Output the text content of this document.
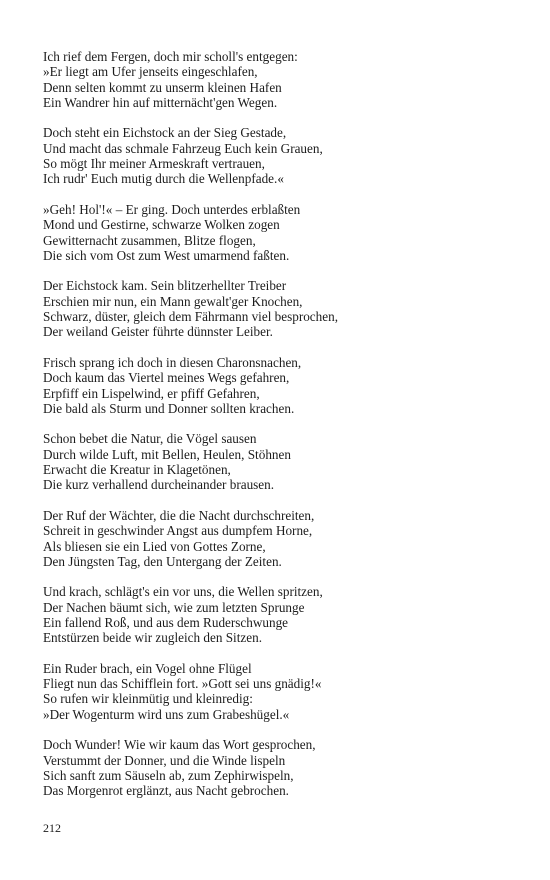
Ich rief dem Fergen, doch mir scholl's entgegen:
»Er liegt am Ufer jenseits eingeschlafen,
Denn selten kommt zu unserm kleinen Hafen
Ein Wandrer hin auf mitternächt'gen Wegen.
Doch steht ein Eichstock an der Sieg Gestade,
Und macht das schmale Fahrzeug Euch kein Grauen,
So mögt Ihr meiner Armeskraft vertrauen,
Ich rudr' Euch mutig durch die Wellenpfade.«
»Geh! Hol'!« – Er ging. Doch unterdes erblaßten
Mond und Gestirne, schwarze Wolken zogen
Gewitternacht zusammen, Blitze flogen,
Die sich vom Ost zum West umarmend faßten.
Der Eichstock kam. Sein blitzerhellter Treiber
Erschien mir nun, ein Mann gewalt'ger Knochen,
Schwarz, düster, gleich dem Fährmann viel besprochen,
Der weiland Geister führte dünnster Leiber.
Frisch sprang ich doch in diesen Charonsnachen,
Doch kaum das Viertel meines Wegs gefahren,
Erpfiff ein Lispelwind, er pfiff Gefahren,
Die bald als Sturm und Donner sollten krachen.
Schon bebet die Natur, die Vögel sausen
Durch wilde Luft, mit Bellen, Heulen, Stöhnen
Erwacht die Kreatur in Klagetönen,
Die kurz verhallend durcheinander brausen.
Der Ruf der Wächter, die die Nacht durchschreiten,
Schreit in geschwinder Angst aus dumpfem Horne,
Als bliesen sie ein Lied von Gottes Zorne,
Den Jüngsten Tag, den Untergang der Zeiten.
Und krach, schlägt's ein vor uns, die Wellen spritzen,
Der Nachen bäumt sich, wie zum letzten Sprunge
Ein fallend Roß, und aus dem Ruderschwunge
Entstürzen beide wir zugleich den Sitzen.
Ein Ruder brach, ein Vogel ohne Flügel
Fliegt nun das Schifflein fort. »Gott sei uns gnädig!«
So rufen wir kleinmütig und kleinredig:
»Der Wogenturm wird uns zum Grabeshügel.«
Doch Wunder! Wie wir kaum das Wort gesprochen,
Verstummt der Donner, und die Winde lispeln
Sich sanft zum Säuseln ab, zum Zephirwispeln,
Das Morgenrot erglänzt, aus Nacht gebrochen.
212
